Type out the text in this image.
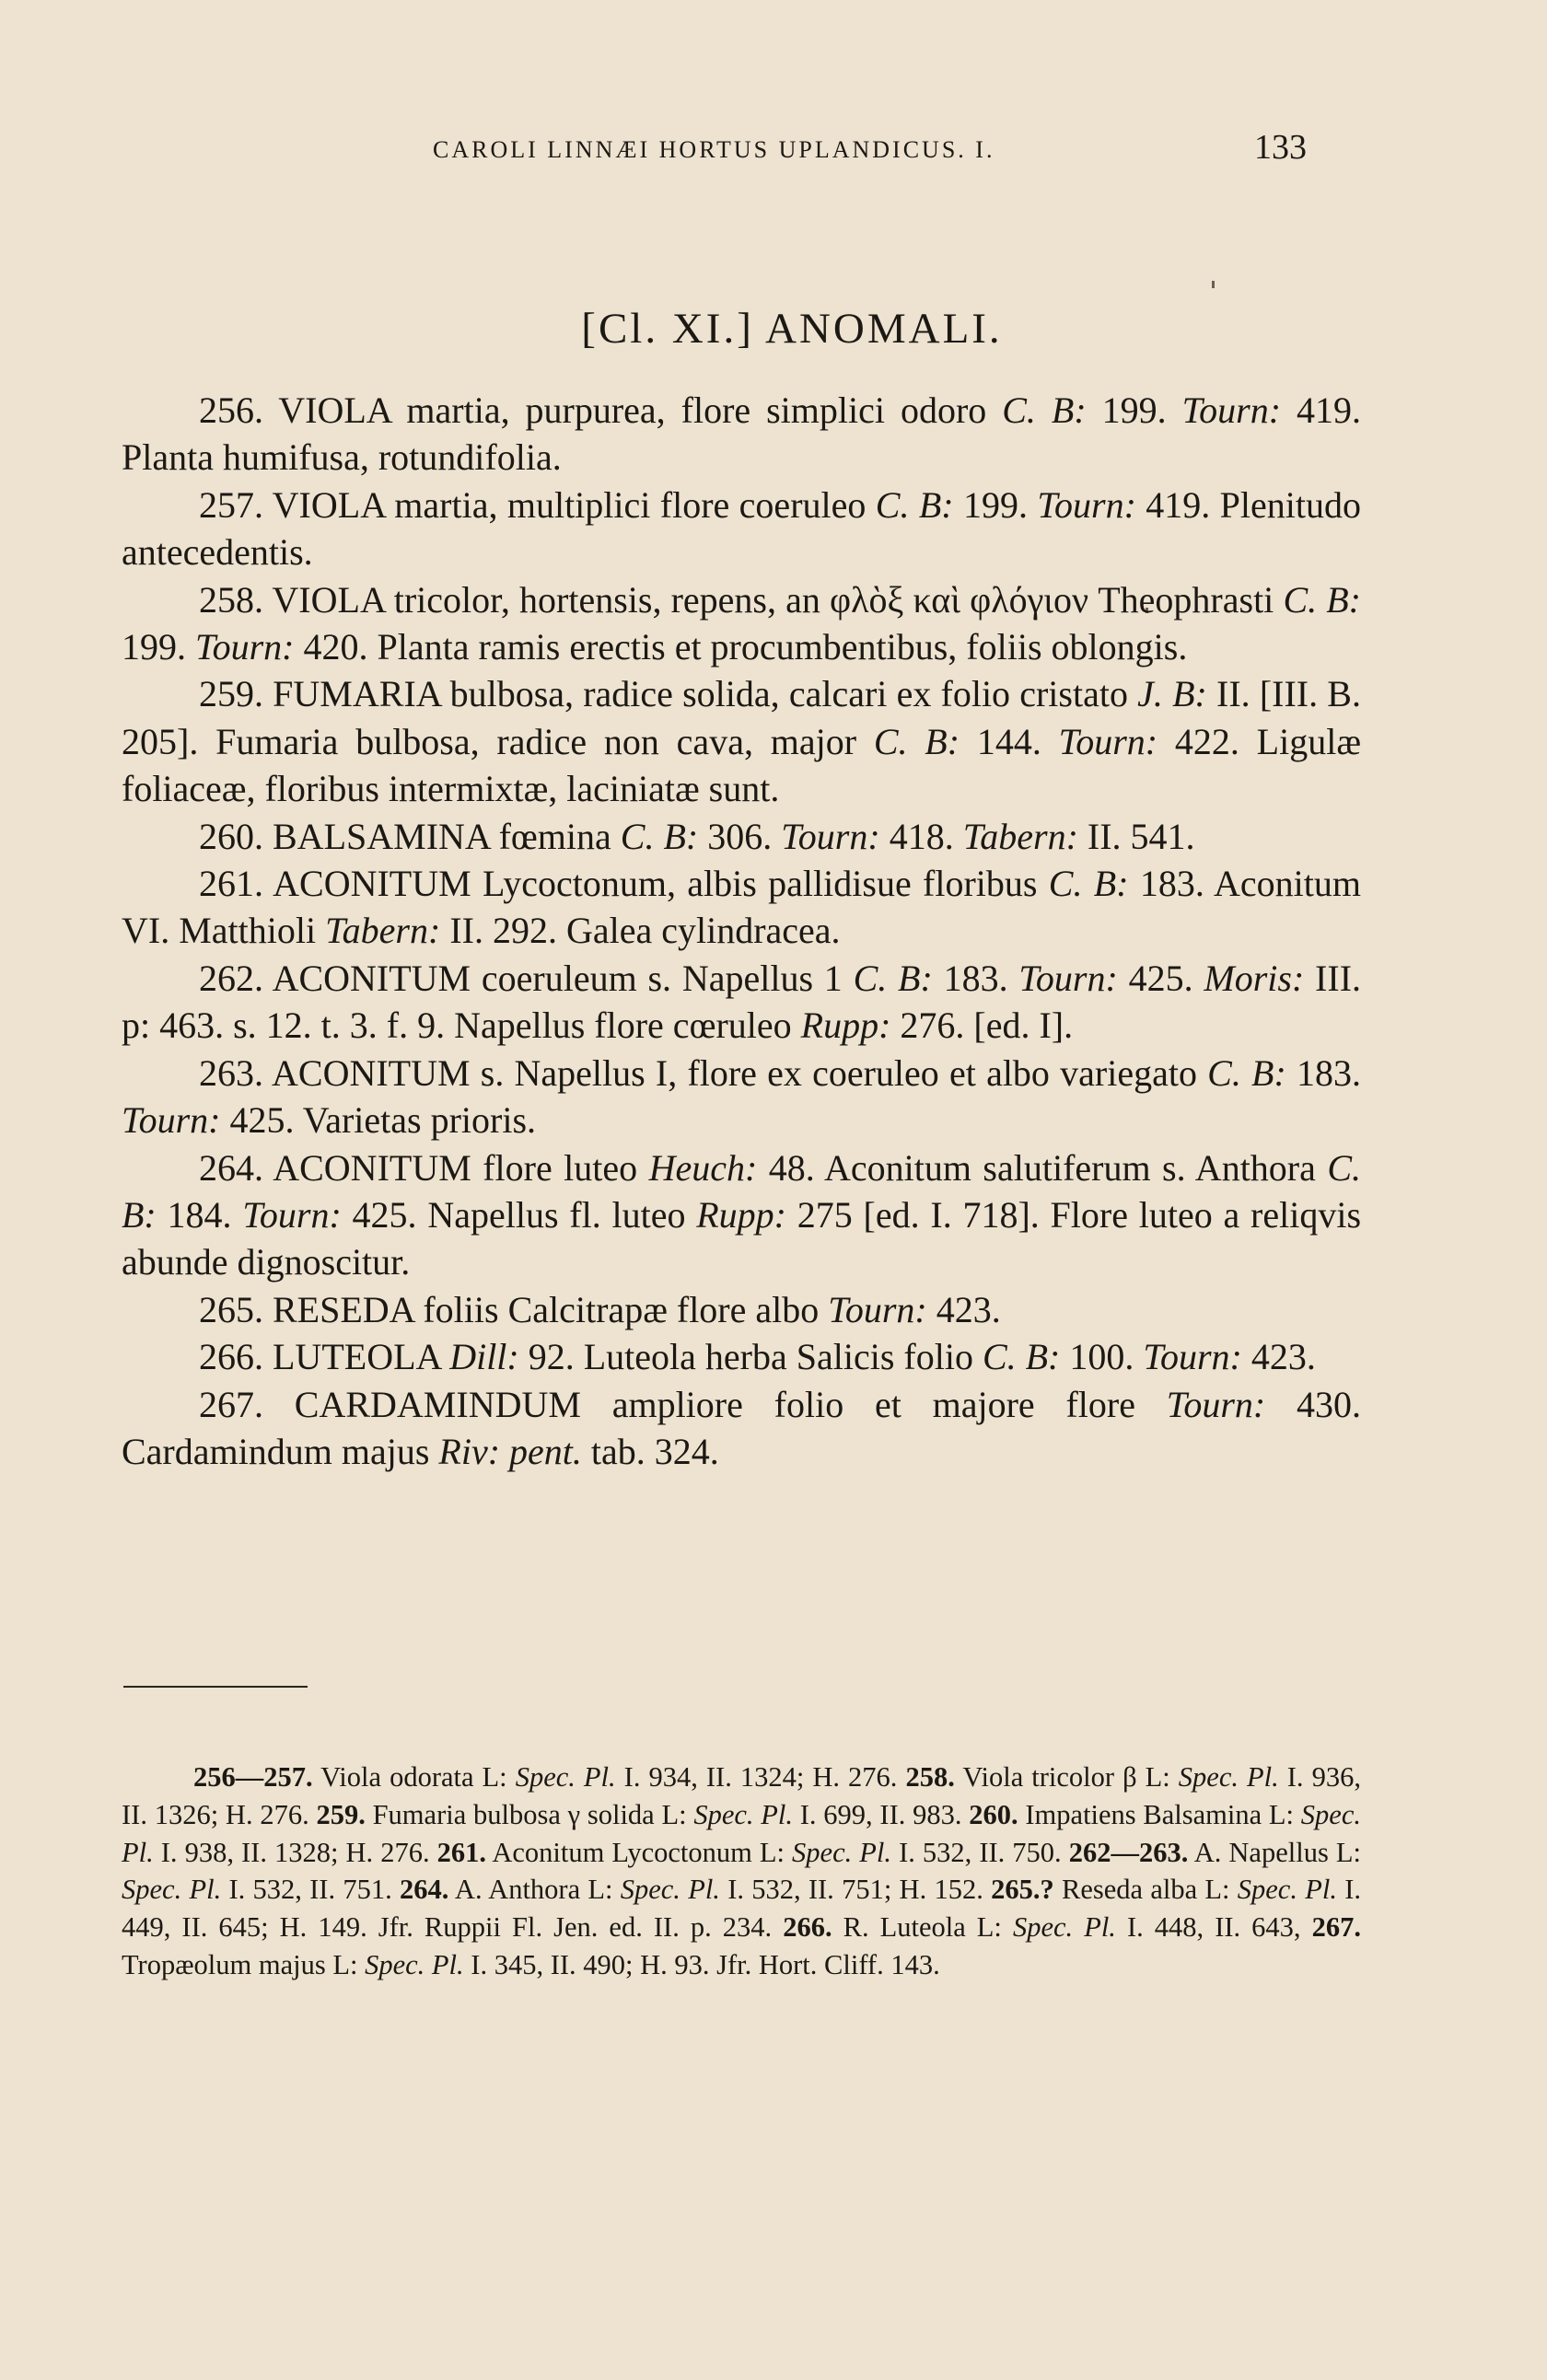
CAROLI LINNÆI HORTUS UPLANDICUS. I.	133
[Cl. XI.] ANOMALI.

256. VIOLA martia, purpurea, flore simplici odoro C. B: 199. Tourn: 419. Planta humifusa, rotundifolia.

257. VIOLA martia, multiplici flore coeruleo C. B: 199. Tourn: 419. Plenitudo antecedentis.

258. VIOLA tricolor, hortensis, repens, an φλὸξ καὶ φλόγιον Theophrasti C. B: 199. Tourn: 420. Planta ramis erectis et procumbentibus, foliis oblongis.

259. FUMARIA bulbosa, radice solida, calcari ex folio cristato J. B: II. [III. B. 205]. Fumaria bulbosa, radice non cava, major C. B: 144. Tourn: 422. Ligulæ foliaceæ, floribus intermixtæ, laciniatæ sunt.

260. BALSAMINA fœmina C. B: 306. Tourn: 418. Tabern: II. 541.

261. ACONITUM Lycoctonum, albis pallidisue floribus C. B: 183. Aconitum VI. Matthioli Tabern: II. 292. Galea cylindracea.

262. ACONITUM coeruleum s. Napellus 1 C. B: 183. Tourn: 425. Moris: III. p: 463. s. 12. t. 3. f. 9. Napellus flore cœruleo Rupp: 276. [ed. I].

263. ACONITUM s. Napellus I, flore ex coeruleo et albo variegato C. B: 183. Tourn: 425. Varietas prioris.

264. ACONITUM flore luteo Heuch: 48. Aconitum salutiferum s. Anthora C. B: 184. Tourn: 425. Napellus fl. luteo Rupp: 275 [ed. I. 718]. Flore luteo a reliqvis abunde dignoscitur.

265. RESEDA foliis Calcitrapæ flore albo Tourn: 423.

266. LUTEOLA Dill: 92. Luteola herba Salicis folio C. B: 100. Tourn: 423.

267. CARDAMINDUM ampliore folio et majore flore Tourn: 430. Cardamindum majus Riv: pent. tab. 324.

256—257. Viola odorata L: Spec. Pl. I. 934, II. 1324; H. 276. 258. Viola tricolor β L: Spec. Pl. I. 936, II. 1326; H. 276. 259. Fumaria bulbosa γ solida L: Spec. Pl. I. 699, II. 983. 260. Impatiens Balsamina L: Spec. Pl. I. 938, II. 1328; H. 276. 261. Aconitum Lycoctonum L: Spec. Pl. I. 532, II. 750. 262—263. A. Napellus L: Spec. Pl. I. 532, II. 751. 264. A. Anthora L: Spec. Pl. I. 532, II. 751; H. 152. 265.? Reseda alba L: Spec. Pl. I. 449, II. 645; H. 149. Jfr. Ruppii Fl. Jen. ed. II. p. 234. 266. R. Luteola L: Spec. Pl. I. 448, II. 643, 267. Tropæolum majus L: Spec. Pl. I. 345, II. 490; H. 93. Jfr. Hort. Cliff. 143.
